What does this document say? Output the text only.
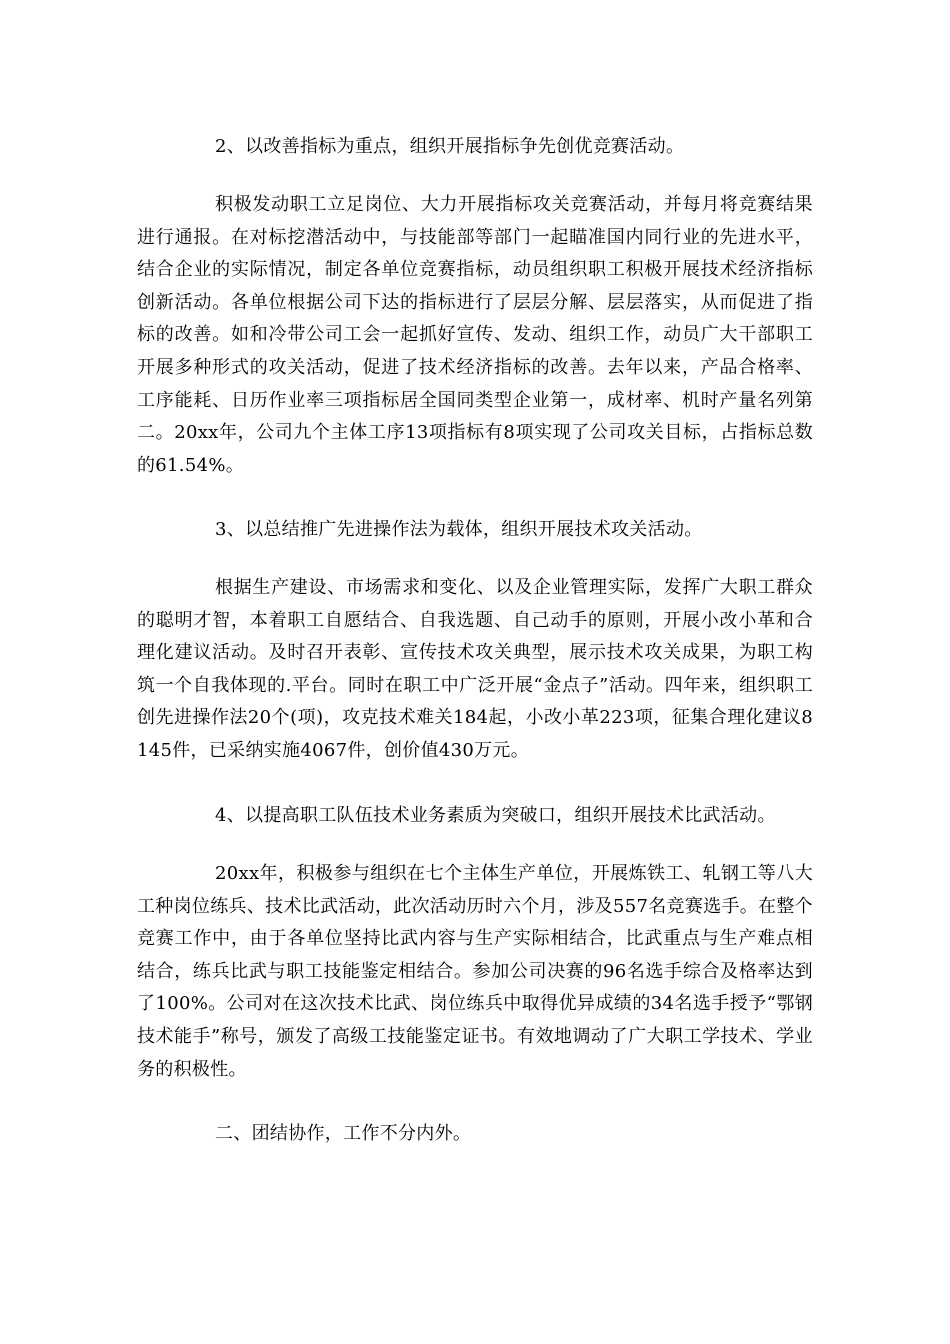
2、以改善指标为重点，组织开展指标争先创优竞赛活动。

积极发动职工立足岗位、大力开展指标攻关竞赛活动，并每月将竞赛结果进行通报。在对标挖潜活动中，与技能部等部门一起瞄准国内同行业的先进水平，结合企业的实际情况，制定各单位竞赛指标，动员组织职工积极开展技术经济指标创新活动。各单位根据公司下达的指标进行了层层分解、层层落实，从而促进了指标的改善。如和冷带公司工会一起抓好宣传、发动、组织工作，动员广大干部职工开展多种形式的攻关活动，促进了技术经济指标的改善。去年以来，产品合格率、工序能耗、日历作业率三项指标居全国同类型企业第一，成材率、机时产量名列第二。20xx年，公司九个主体工序13项指标有8项实现了公司攻关目标，占指标总数的61.54%。

3、以总结推广先进操作法为载体，组织开展技术攻关活动。

根据生产建设、市场需求和变化、以及企业管理实际，发挥广大职工群众的聪明才智，本着职工自愿结合、自我选题、自己动手的原则，开展小改小革和合理化建议活动。及时召开表彰、宣传技术攻关典型，展示技术攻关成果，为职工构筑一个自我体现的.平台。同时在职工中广泛开展“金点子”活动。四年来，组织职工创先进操作法20个(项)，攻克技术难关184起，小改小革223项，征集合理化建议8145件，已采纳实施4067件，创价值430万元。

4、以提高职工队伍技术业务素质为突破口，组织开展技术比武活动。

20xx年，积极参与组织在七个主体生产单位，开展炼铁工、轧钢工等八大工种岗位练兵、技术比武活动，此次活动历时六个月，涉及557名竞赛选手。在整个竞赛工作中，由于各单位坚持比武内容与生产实际相结合，比武重点与生产难点相结合，练兵比武与职工技能鉴定相结合。参加公司决赛的96名选手综合及格率达到了100%。公司对在这次技术比武、岗位练兵中取得优异成绩的34名选手授予“鄂钢技术能手”称号，颁发了高级工技能鉴定证书。有效地调动了广大职工学技术、学业务的积极性。

二、团结协作，工作不分内外。
